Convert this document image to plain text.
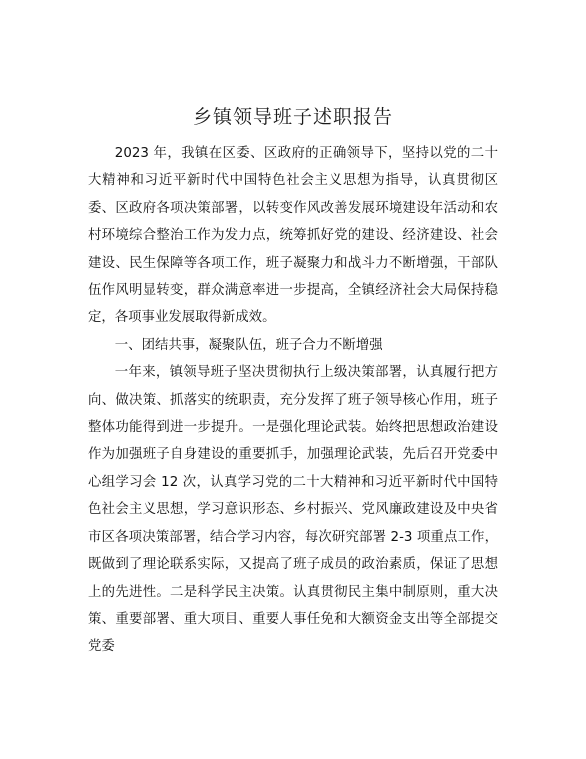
乡镇领导班子述职报告

2023 年，我镇在区委、区政府的正确领导下，坚持以党的二十大精神和习近平新时代中国特色社会主义思想为指导，认真贯彻区委、区政府各项决策部署，以转变作风改善发展环境建设年活动和农村环境综合整治工作为发力点，统筹抓好党的建设、经济建设、社会建设、民生保障等各项工作，班子凝聚力和战斗力不断增强，干部队伍作风明显转变，群众满意率进一步提高，全镇经济社会大局保持稳定，各项事业发展取得新成效。

一、团结共事，凝聚队伍，班子合力不断增强

一年来，镇领导班子坚决贯彻执行上级决策部署，认真履行把方向、做决策、抓落实的统职责，充分发挥了班子领导核心作用，班子整体功能得到进一步提升。一是强化理论武装。始终把思想政治建设作为加强班子自身建设的重要抓手，加强理论武装，先后召开党委中心组学习会 12 次，认真学习党的二十大精神和习近平新时代中国特色社会主义思想，学习意识形态、乡村振兴、党风廉政建设及中央省市区各项决策部署，结合学习内容，每次研究部署 2-3 项重点工作，既做到了理论联系实际，又提高了班子成员的政治素质，保证了思想上的先进性。二是科学民主决策。认真贯彻民主集中制原则，重大决策、重要部署、重大项目、重要人事任免和大额资金支出等全部提交党委
